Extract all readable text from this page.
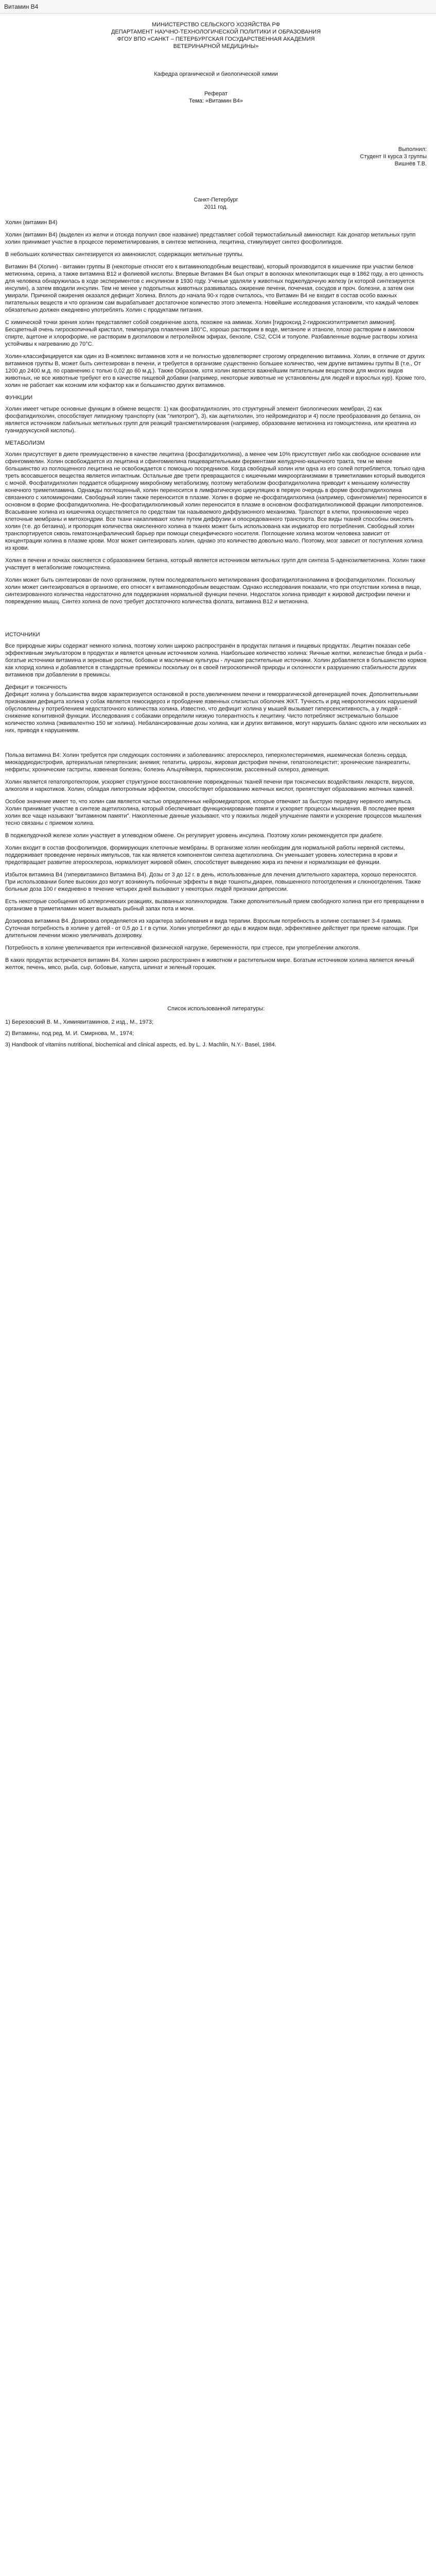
Витамин B4
МИНИСТЕРСТВО СЕЛЬСКОГО ХОЗЯЙСТВА РФ
ДЕПАРТАМЕНТ НАУЧНО-ТЕХНОЛОГИЧЕСКОЙ ПОЛИТИКИ И ОБРАЗОВАНИЯ
ФГОУ ВПО «САНКТ – ПЕТЕРБУРГСКАЯ ГОСУДАРСТВЕННАЯ АКАДЕМИЯ
ВЕТЕРИНАРНОЙ МЕДИЦИНЫ»
Кафедра органической и биологической химии
Реферат
Тема: «Витамин В4»
Выполнил:
Студент II курса 3 группы
Вишнёв Т.В.
Санкт-Петербург
2011 год.

Холин (витамин B4)

Холин (витамин В4) (выделен из желчи и отсюда получил свое название) представляет собой термостабильный аминоспирт. Как донатор метильных групп холин принимает участие в процессе переметилирования, в синтезе метионина, лецитина, стимулирует синтез фосфолипидов.

В небольших количествах синтезируется из аминокислот, содержащих метильные группы.

Витамин В4 (Холин) - витамин группы В (некоторые относят его к витаминоподобным веществам), который производится в кишечнике при участии белков метионина, серина, а также витамина В12 и фолиевой кислоты. Впервые Витамин В4 был открыт в волокнах млекопитающих еще в 1862 году, а его ценность для человека обнаружилась в ходе экспериментов с инсулином в 1930 году. Ученые удаляли у животных поджелудочную железу (и которой синтезируется инсулин), а затем вводили инсулин. Тем не менее у подопытных животных развивалась ожирение печени, почечная, сосудов и проч. болезни, а затем они умирали. Причиной ожирения оказался дефицит Холина. Вплоть до начала 90-х годов считалось, что Витамин В4 не входит в состав особо важных питательных веществ и что организм сам вырабатывает достаточное количество этого элемента. Новейшие исследования установили, что каждый человек обязательно должен ежедневно употреблять Холин с продуктами питания.

С химической точки зрения холин представляет собой соединение азота, похожее на аммиак. Холин [гидроксид 2-гидроксиэтилтриметил аммония]. Бесцветный очень гигроскопичный кристалл, температура плавления 180°C, хорошо растворим в воде, метаноле и этаноле, плохо растворим в амиловом спирте, ацетоне и хлороформе, не растворим в диэтиловом и петролейном эфирах, бензоле, CS2, CCl4 и толуоле. Разбавленные водные растворы холина устойчивы к нагреванию до 70°С.

Холин-классифицируется как один из В-комплекс витаминов хотя и не полностью удовлетворяет строгому определению витамина. Холин, в отличие от других витаминов группы В, может быть синтезирован в печени, и требуется в организме существенно большее количество, чем другие витамины группы В (т.е., От 1200 до 2400 м.д. по сравнению с толью 0,02 до 60 м.д.). Также Образом, хотя холин является важнейшим питательным веществом для многих видов животных, не все животные требуют его в качестве пищевой добавки (например, некоторые животные не установлены для людей и взрослых кур). Кроме того, холин не работает как коэнзим или кофактор как и большинство других витаминов.

ФУНКЦИИ

Холин имеет четыре основные функции в обмене веществ: 1) как фосфатидилхолин, это структурный элемент биологических мембран, 2) как фосфатидилхолин, способствует липидному транспорту (как "липотроп"), 3), как ацетилхолин, это нейромедиатор и 4) после преобразования до бетаина, он является источником лабильных метильных групп для реакций трансметилирования (например, образование метионина из гомоцистеина, или креатина из гуанидоуксусной кислоты).

МЕТАБОЛИЗМ

Холин присутствует в диете преимущественно в качестве лецитина (фосфатидилхолина), а менее чем 10% присутствует либо как свободное основание или сфингомиелин. Холин освобождается из лецитина и сфингомиелина пищеварительными ферментами желудочно-кишечного тракта, тем не менее большинство из поглощенного лецитина не освобождается с помощью посредников. Когда свободный холин или одна из его солей потребляется, только одна треть всосавшегося вещества является интактным. Остальные две трети превращаются с кишечными микроорганизмами в триметиламин который выводится с мочой. Фосфатидилхолин поддается общирному микробному метаболизму, поэтому метаболизм фосфатидилхолина приводит к меньшему количеству конечного триметиламина. Однажды поглощенный, холин переносится в лимфатическую циркуляцию в первую очередь в форме фосфатидилхолина связанного с хиломикронами. Свободный холин также переносится в плазме. Холин в форме не-фосфатидилхолина (например, сфингомиелин) переносится в основном в форме фосфатидилхолина. Не-фосфатидилхолиновый холин переносится в плазме в основном фосфатидилхолиновой фракции липопротеинов. Всасывание холина из кишечника осуществляется по средствам так называемого диффузионного механизма. Транспорт в клетки, проникновение через клеточные мембраны и митохондрии. Все ткани накапливают холин путем диффузии и опосредованного транспорта. Все виды тканей способны окислять холин (т.е. до бетаина), и пропорция количества окисленного холина в тканях может быть использована как индикатор его потребления. Свободный холин транспортируется сквозь гематоэнцефалический барьер при помощи специфического носителя. Поглощение холина мозгом человека зависит от концентрации холина в плазме крови. Мозг может синтезировать холин, однако это количество довольно мало. Поэтому, мозг зависит от поступления холина из крови.

Холин в печени и почках окисляется с образованием бетаина, который является источником метильных групп для синтеза S-аденозилметионина. Холин также участвует в метаболизме гомоцистеина.

Холин может быть синтезирован de novo организмом, путем последовательного метилирования фосфатидилэтаноламина в фосфатидилхолин. Поскольку холин может синтезироваться в организме, его относят к витаминоподобным веществам. Однако исследования показали, что при отсутствии холина в пище, синтезированного количества недостаточно для поддержания нормальной функции печени. Недостаток холина приводит к жировой дистрофии печени и повреждению мышц. Синтез холина de novo требует достаточного количества фолата, витамина B12 и метионина.

ИСТОЧНИКИ

Все природные жиры содержат немного холина, поэтому холин широко распространён в продуктах питания и пищевых продуктах. Лецитин показан себе эффективным эмульгатором в продуктах и является ценным источником холина. Наибольшее количество холина: Яичные желтки, железистые блюда и рыба - богатые источники витамина и зерновые ростки, бобовые и масличные культуры - лучшие растительные источники. Холин добавляется в большинство кормов как хлорид холина и добавляется в стандартные премиксы поскольку он в своей гигроскопичной природы и склонности к разрушению стабильности других витаминов при добавлении в премиксы.

Дефицит и токсичность

Дефицит холина у большинства видов характеризуется остановкой в росте,увеличением печени и геморрагической дегенерацией почек. Дополнительными признаками дефицита холина у собак является гемосидероз и прободение язвенных слизистых оболочек ЖКТ. Тучность и ряд неврологических нарушений обусловлены у потреблением недостаточного количества холина. Известно, что дефицит холина у мышей вызывает гиперсенситивность, а у людей - снижение когнитивной функции. Исследования с собаками определили низкую толерантность к лецитину. Чисто потребляют экстремально большое количество холина (эквивалентно 150 мг холина). Небалансированные дозы холина, как и других витаминов, могут нарушить баланс одного или нескольких из них, приводя к нарушениям.

Польза витамина В4: Холин требуется при следующих состояниях и заболеваниях: атеросклероз, гиперхолестеринемия, ишемическая болезнь сердца, миокардиодистрофия, артериальная гипертензия; анемия; гепатиты, циррозы, жировая дистрофия печени, гепатохолецистит; хронические панкреатиты, нефриты; хронические гастриты, язвенная болезнь; болезнь Альцгеймера, паркинсонизм, рассеянный склероз, деменция.

Холин является гепатопротектором, ускоряет структурное восстановление поврежденных тканей печени при токсических воздействиях лекарств, вирусов, алкоголя и наркотиков. Холин, обладая липотропным эффектом, способствует образованию желчных кислот, препятствует образованию желчных камней.

Особое значение имеет то, что холин сам является частью определенных нейромедиаторов, которые отвечают за быструю передачу нервного импульса. Холин принимает участие в синтезе ацетилхолина, который обеспечивает функционирование памяти и ускоряет процессы мышления. В последнее время холин все чаще называют "витамином памяти". Накопленные данные указывают, что у пожилых людей улучшение памяти и ускорение процессов мышления тесно связаны с приемом холина.

В поджелудочной железе холин участвует в углеводном обмене. Он регулирует уровень инсулина. Поэтому холин рекомендуется при диабете.

Холин входит в состав фосфолипидов, формирующих клеточные мембраны. В организме холин необходим для нормальной работы нервной системы, поддерживает проведение нервных импульсов, так как является компонентом синтеза ацетилхолина. Он уменьшает уровень холестерина в крови и предотвращает развитие атеросклероза, нормализует жировой обмен, способствует выведению жира из печени и нормализации её функции.

Избыток витамина В4 (гипервитаминоз Витамина В4). Дозы от 3 до 12 г. в день, использованные для лечения длительного характера, хорошо переносятся. При использовании более высоких доз могут возникнуть побочные эффекты в виде тошноты,диареи, повышенного потоотделения и слюноотделения. Также больные доза 100 г ежедневно в течение четырех дней вызывают у некоторых людей признаки депрессии.

Есть некоторые сообщения об аллергических реакциях, вызванных холинхлоридом. Также дополнительный прием свободного холина при его превращении в организме в триметиламин может вызывать рыбный запах пота и мочи.

Дозировка витамина В4. Дозировка определяется из характера заболевания и вида терапии. Взрослым потребность в холине составляет 3-4 грамма. Суточная потребность в холине у детей - от 0,5 до 1 г в сутки. Холин употребляют до еды в жидком виде, эффективнее действует при приеме натощак. При длительном лечении можно увеличивать дозировку.

Потребность в холине увеличивается при интенсивной физической нагрузке, беременности, при стрессе, при употреблении алкоголя.

В каких продуктах встречается витамин В4. Холин широко распространен в животном и растительном мире. Богатым источником холина является яичный желток, печень, мясо, рыба, сыр, бобовые, капуста, шпинат и зеленый горошек.

Список использованной литературы:
1) Березовский В. М., Химиявитаминов, 2 изд., М., 1973;
2) Витамины, под ред. М. И. Смирнова, М., 1974;
3) Handbook of vitamins nutritional, biochemical and clinical aspects, ed. by L. J. Machlin, N.Y.- Basel, 1984.
